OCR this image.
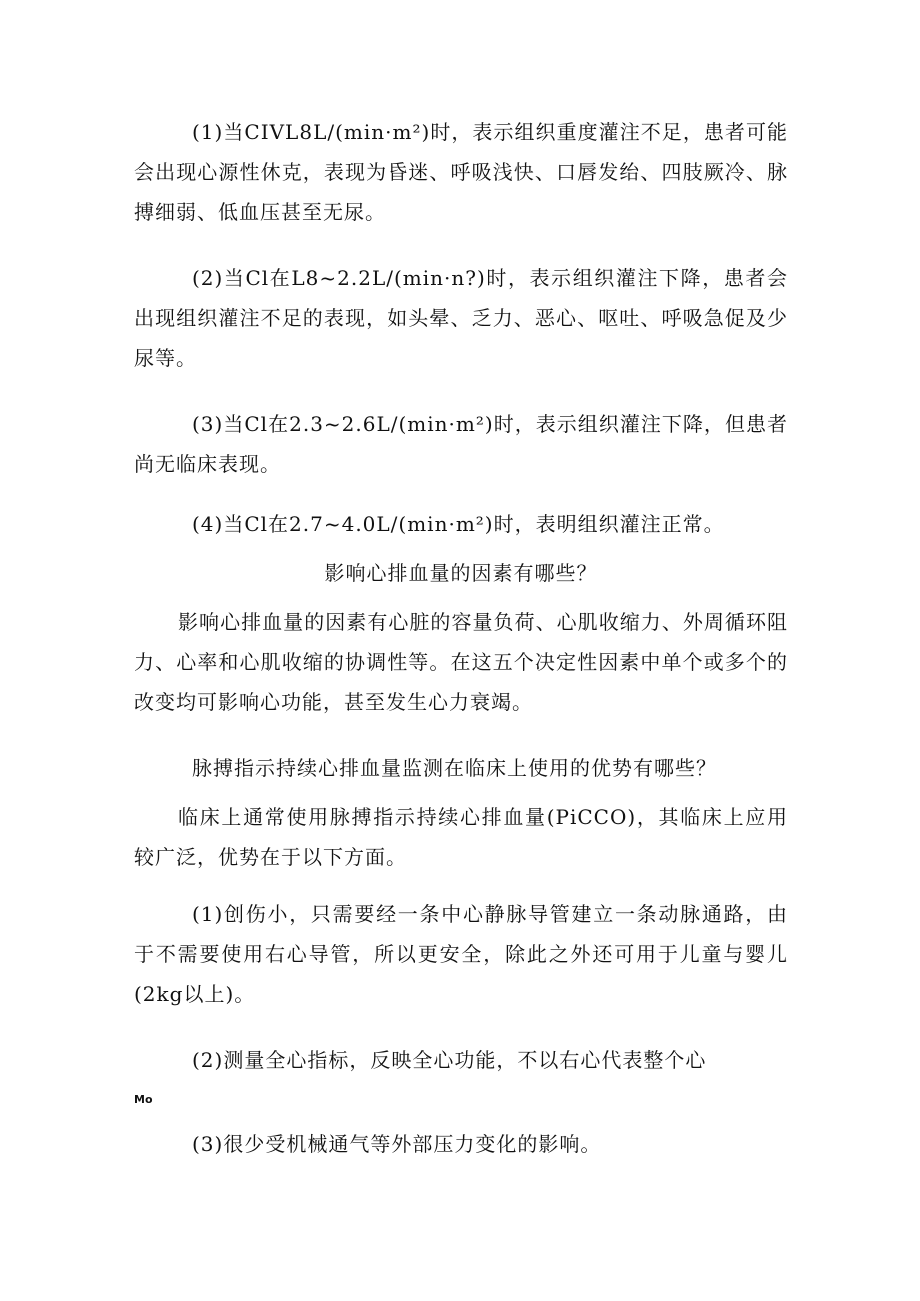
(1)当CIVL8L/(min·m²)时，表示组织重度灌注不足，患者可能会出现心源性休克，表现为昏迷、呼吸浅快、口唇发绐、四肢厥冷、脉搏细弱、低血压甚至无尿。

(2)当Cl在L8~2.2L/(min·n?)时，表示组织灌注下降，患者会出现组织灌注不足的表现，如头晕、乏力、恶心、呕吐、呼吸急促及少尿等。

(3)当Cl在2.3~2.6L/(min·m²)时，表示组织灌注下降，但患者尚无临床表现。

(4)当Cl在2.7~4.0L/(min·m²)时，表明组织灌注正常。

影响心排血量的因素有哪些？

影响心排血量的因素有心脏的容量负荷、心肌收缩力、外周循环阻力、心率和心肌收缩的协调性等。在这五个决定性因素中单个或多个的改变均可影响心功能，甚至发生心力衰竭。

脉搏指示持续心排血量监测在临床上使用的优势有哪些？

临床上通常使用脉搏指示持续心排血量(PiCCO)，其临床上应用较广泛，优势在于以下方面。

(1)创伤小，只需要经一条中心静脉导管建立一条动脉通路，由于不需要使用右心导管，所以更安全，除此之外还可用于儿童与婴儿(2kg以上)。

(2)测量全心指标，反映全心功能，不以右心代表整个心

Mo

(3)很少受机械通气等外部压力变化的影响。
